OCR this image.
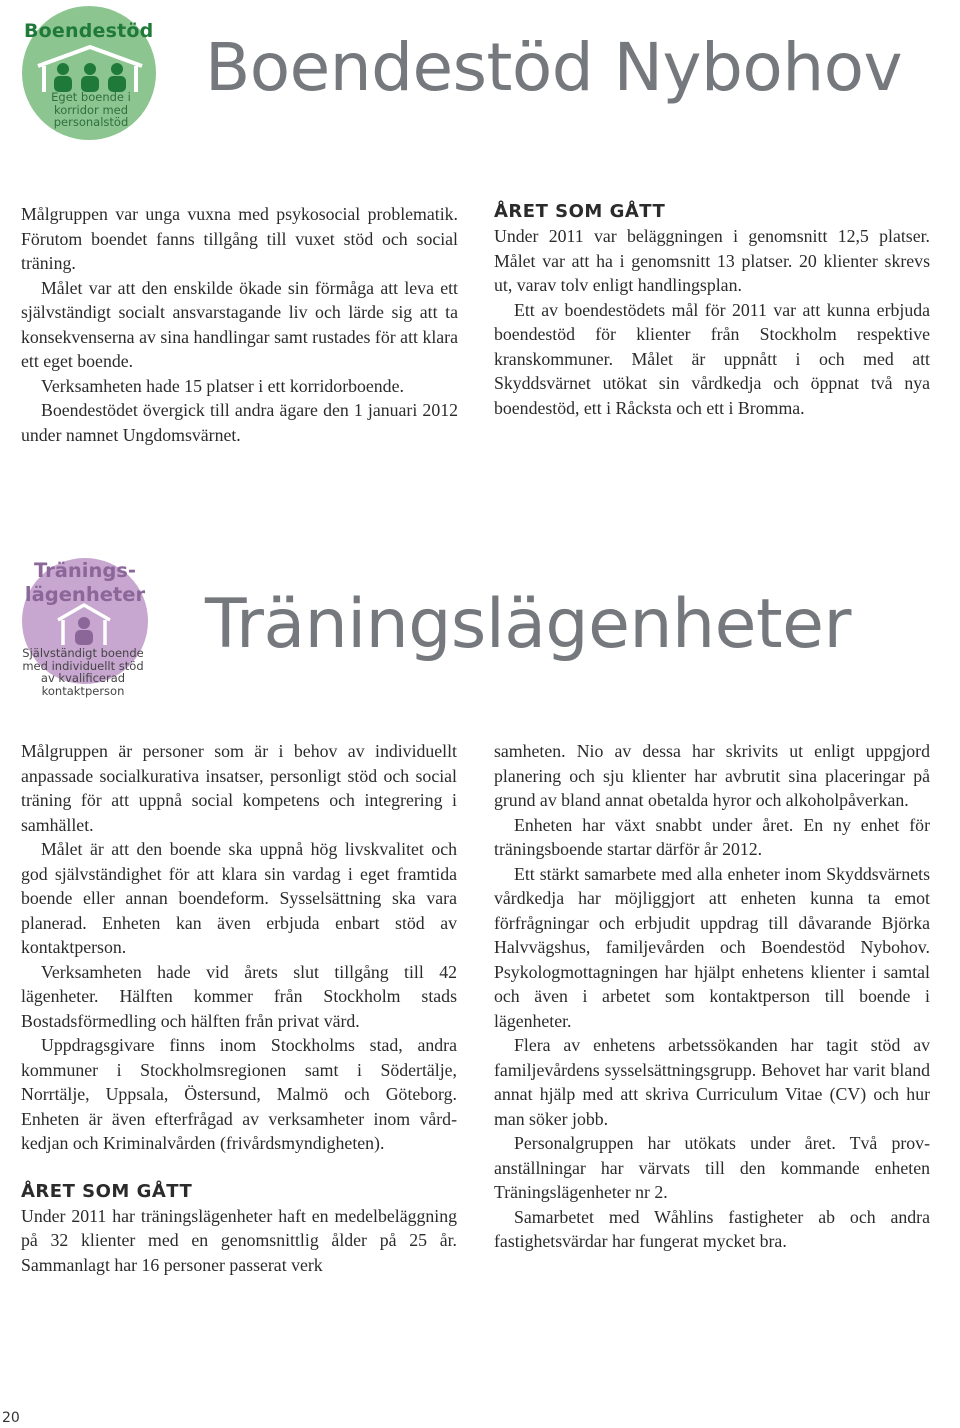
Boendestöd
Eget boende i korridor med personalstöd
Boendestöd Nybohov

Målgruppen var unga vuxna med psykosocial problematik. Förutom boendet fanns tillgång till vuxet stöd och social träning.

Målet var att den enskilde ökade sin förmåga att leva ett självständigt socialt ansvarstagande liv och lärde sig att ta konsekvenserna av sina handlingar samt rustades för att klara ett eget boende.

Verksamheten hade 15 platser i ett korridorboende.

Boendestödet övergick till andra ägare den 1 januari 2012 under namnet Ungdomsvärnet.

ÅRET SOM GÅTT

Under 2011 var beläggningen i genomsnitt 12,5 platser. Målet var att ha i genomsnitt 13 platser. 20 klienter skrevs ut, varav tolv enligt handlingsplan.

Ett av boendestödets mål för 2011 var att kunna erbjuda boendestöd för klienter från Stockholm respektive kranskommuner. Målet är uppnått i och med att Skyddsvärnet utökat sin vårdkedja och öppnat två nya boendestöd, ett i Råcksta och ett i Bromma.

Tränings- lägenheter
Självständigt boende med individuellt stöd av kvalificerad kontaktperson
Träningslägenheter

Målgruppen är personer som är i behov av individuellt anpassade socialkurativa insatser, personligt stöd och social träning för att uppnå social kompetens och integrering i samhället.

Målet är att den boende ska uppnå hög livskvalitet och god självständighet för att klara sin vardag i eget framtida boende eller annan boendeform. Sysselsättning ska vara planerad. Enheten kan även erbjuda enbart stöd av kontaktperson.

Verksamheten hade vid årets slut tillgång till 42 lägenheter. Hälften kommer från Stockholm stads Bostadsförmedling och hälften från privat värd.

Uppdragsgivare finns inom Stockholms stad, andra kommuner i Stockholmsregionen samt i Södertälje, Norrtälje, Uppsala, Östersund, Malmö och Göteborg. Enheten är även efterfrågad av verksamheter inom vårdkedjan och Kriminalvården (frivårdsmyndigheten).

ÅRET SOM GÅTT

Under 2011 har träningslägenheter haft en medelbeläggning på 32 klienter med en genomsnittlig ålder på 25 år. Sammanlagt har 16 personer passerat verk

samheten. Nio av dessa har skrivits ut enligt uppgjord planering och sju klienter har avbrutit sina placeringar på grund av bland annat obetalda hyror och alkoholpåverkan.

Enheten har växt snabbt under året. En ny enhet för träningsboende startar därför år 2012.

Ett stärkt samarbete med alla enheter inom Skyddsvärnets vårdkedja har möjliggjort att enheten kunna ta emot förfrågningar och erbjudit uppdrag till dåvarande Björka Halvvägshus, familjevården och Boendestöd Nybohov. Psykologmottagningen har hjälpt enhetens klienter i samtal och även i arbetet som kontaktperson till boende i lägenheter.

Flera av enhetens arbetssökanden har tagit stöd av familjevårdens sysselsättningsgrupp. Behovet har varit bland annat hjälp med att skriva Curriculum Vitae (CV) och hur man söker jobb.

Personalgruppen har utökats under året. Två provanställningar har värvats till den kommande enheten Träningslägenheter nr 2.

Samarbetet med Wåhlins fastigheter ab och andra fastighetsvärdar har fungerat mycket bra.

20
